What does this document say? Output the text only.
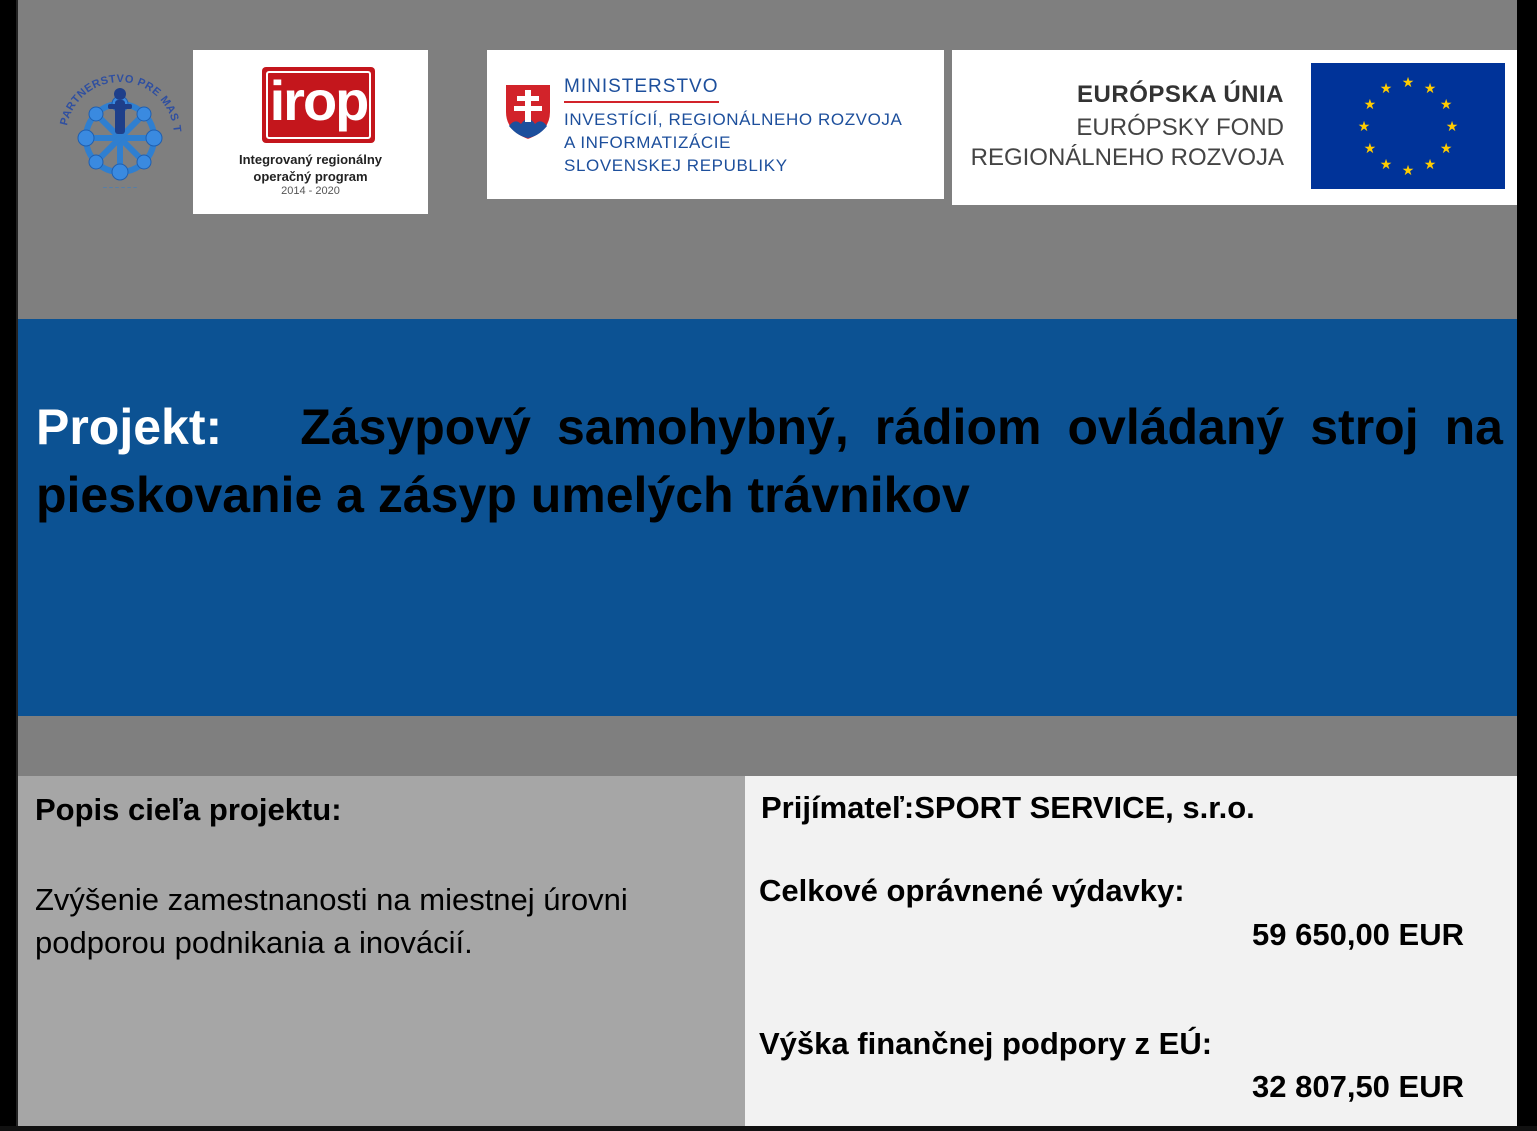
PARTNERSTVO PRE MAS T
~ ~ ~ ~ ~ ~
irop
Integrovaný regionálny
operačný program
2014 - 2020
MINISTERSTVO
INVESTÍCIÍ, REGIONÁLNEHO ROZVOJA
A INFORMATIZÁCIE
SLOVENSKEJ REPUBLIKY
EURÓPSKA ÚNIA
EURÓPSKY FOND
REGIONÁLNEHO ROZVOJA
★ ★
★
★
★
★
★
★
★
★
★
★
Projekt: Zásypový samohybný, rádiom ovládaný stroj na pieskovanie a zásyp umelých trávnikov
Popis cieľa projektu:
Zvýšenie zamestnanosti na miestnej úrovni podporou podnikania a inovácií.
Prijímateľ:SPORT SERVICE, s.r.o.
Celkové oprávnené výdavky:
59 650,00 EUR
Výška finančnej podpory z EÚ:
32 807,50 EUR
